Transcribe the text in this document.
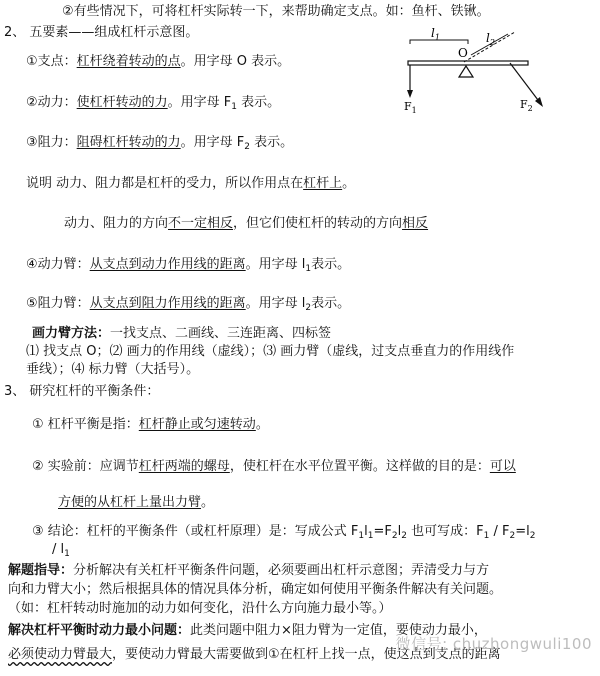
②有些情况下，可将杠杆实际转一下，来帮助确定支点。如：鱼杆、铁锹。
2、 五要素——组成杠杆示意图。	$l_1$	$l_2$
O
$F_1$	$F_2$
①支点：杠杆绕着转动的点。用字母 O 表示。
②动力：使杠杆转动的力。用字母 $F_1$ 表示。
③阻力：阻碍杠杆转动的力。用字母 $F_2$ 表示。
说明 动力、阻力都是杠杆的受力，所以作用点在杠杆上。
动力、阻力的方向不一定相反，但它们使杠杆的转动的方向相反
④动力臂：从支点到动力作用线的距离。用字母 $l_1$表示。
⑤阻力臂：从支点到阻力作用线的距离。用字母 $l_2$表示。
画力臂方法：一找支点、二画线、三连距离、四标签
⑴ 找支点 O；⑵ 画力的作用线（虚线）；⑶ 画力臂（虚线，过支点垂直力的作用线作
垂线）；⑷ 标力臂（大括号）。
3、 研究杠杆的平衡条件：
① 杠杆平衡是指：杠杆静止或匀速转动。
② 实验前：应调节杠杆两端的螺母，使杠杆在水平位置平衡。这样做的目的是：可以
方便的从杠杆上量出力臂。
③ 结论：杠杆的平衡条件（或杠杆原理）是：写成公式 $F_1l_1=F_2l_2$ 也可写成：$F_1 / F_2=l_2$
/ $l_1$
解题指导：分析解决有关杠杆平衡条件问题，必须要画出杠杆示意图；弄清受力与方
向和力臂大小；然后根据具体的情况具体分析，确定如何使用平衡条件解决有关问题。
（如：杠杆转动时施加的动力如何变化，沿什么方向施力最小等。）
解决杠杆平衡时动力最小问题：此类问题中阻力×阻力臂为一定值，要使动力最小，
必须使动力臂最大，要使动力臂最大需要做到①在杠杆上找一点，使这点到支点的距离
微信号: chuzhongwuli100
